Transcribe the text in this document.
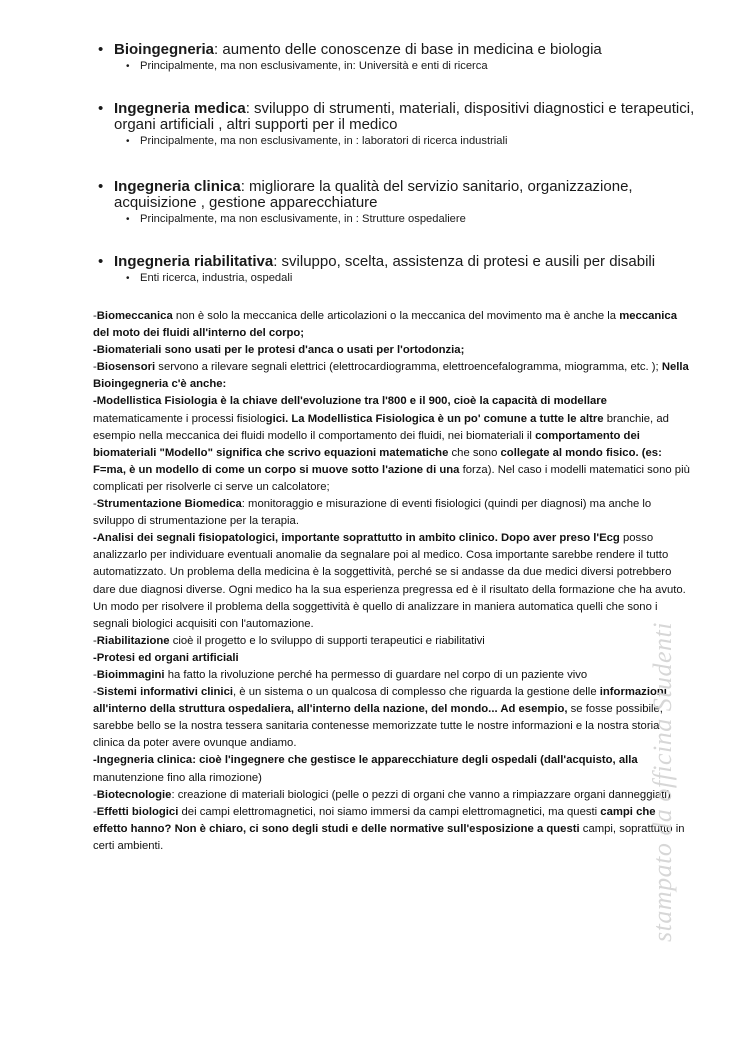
• Bioingegneria: aumento delle conoscenze di base in medicina e biologia
• Principalmente, ma non esclusivamente, in: Università e enti di ricerca
• Ingegneria medica: sviluppo di strumenti, materiali, dispositivi diagnostici e terapeutici, organi artificiali , altri supporti per il medico
• Principalmente, ma non esclusivamente, in : laboratori di ricerca industriali
• Ingegneria clinica: migliorare la qualità del servizio sanitario, organizzazione, acquisizione , gestione apparecchiature
• Principalmente, ma non esclusivamente, in : Strutture ospedaliere
• Ingegneria riabilitativa: sviluppo, scelta, assistenza di protesi e ausili per disabili
• Enti ricerca, industria, ospedali

-Biomeccanica non è solo la meccanica delle articolazioni o la meccanica del movimento ma è anche la meccanica del moto dei fluidi all'interno del corpo;

-Biomateriali sono usati per le protesi d'anca o usati per l'ortodonzia;

-Biosensori servono a rilevare segnali elettrici (elettrocardiogramma, elettroencefalogramma, miogramma, etc. ); Nella Bioingegneria c'è anche:

-Modellistica Fisiologia è la chiave dell'evoluzione tra l'800 e il 900, cioè la capacità di modellare matematicamente i processi fisiologici. La Modellistica Fisiologica è un po' comune a tutte le altre branchie, ad esempio nella meccanica dei fluidi modello il comportamento dei fluidi, nei biomateriali il comportamento dei biomateriali "Modello" significa che scrivo equazioni matematiche che sono collegate al mondo fisico. (es: F=ma, è un modello di come un corpo si muove sotto l'azione di una forza). Nel caso i modelli matematici sono più complicati per risolverle ci serve un calcolatore;

-Strumentazione Biomedica: monitoraggio e misurazione di eventi fisiologici (quindi per diagnosi) ma anche lo sviluppo di strumentazione per la terapia.

-Analisi dei segnali fisiopatologici, importante soprattutto in ambito clinico. Dopo aver preso l'Ecg posso analizzarlo per individuare eventuali anomalie da segnalare poi al medico. Cosa importante sarebbe rendere il tutto automatizzato. Un problema della medicina è la soggettività, perché se si andasse da due medici diversi potrebbero dare due diagnosi diverse. Ogni medico ha la sua esperienza pregressa ed è il risultato della formazione che ha avuto. Un modo per risolvere il problema della soggettività è quello di analizzare in maniera automatica quelli che sono i segnali biologici acquisiti con l'automazione.

-Riabilitazione cioè il progetto e lo sviluppo di supporti terapeutici e riabilitativi

-Protesi ed organi artificiali

-Bioimmagini ha fatto la rivoluzione perché ha permesso di guardare nel corpo di un paziente vivo

-Sistemi informativi clinici, è un sistema o un qualcosa di complesso che riguarda la gestione delle informazioni all'interno della struttura ospedaliera, all'interno della nazione, del mondo... Ad esempio, se fosse possibile, sarebbe bello se la nostra tessera sanitaria contenesse memorizzate tutte le nostre informazioni e la nostra storia clinica da poter avere ovunque andiamo.

-Ingegneria clinica: cioè l'ingegnere che gestisce le apparecchiature degli ospedali (dall'acquisto, alla manutenzione fino alla rimozione)

-Biotecnologie: creazione di materiali biologici (pelle o pezzi di organi che vanno a rimpiazzare organi danneggiati)

-Effetti biologici dei campi elettromagnetici, noi siamo immersi da campi elettromagnetici, ma questi campi che effetto hanno? Non è chiaro, ci sono degli studi e delle normative sull'esposizione a questi campi, soprattutto in certi ambienti.	stampato da officina Studenti
